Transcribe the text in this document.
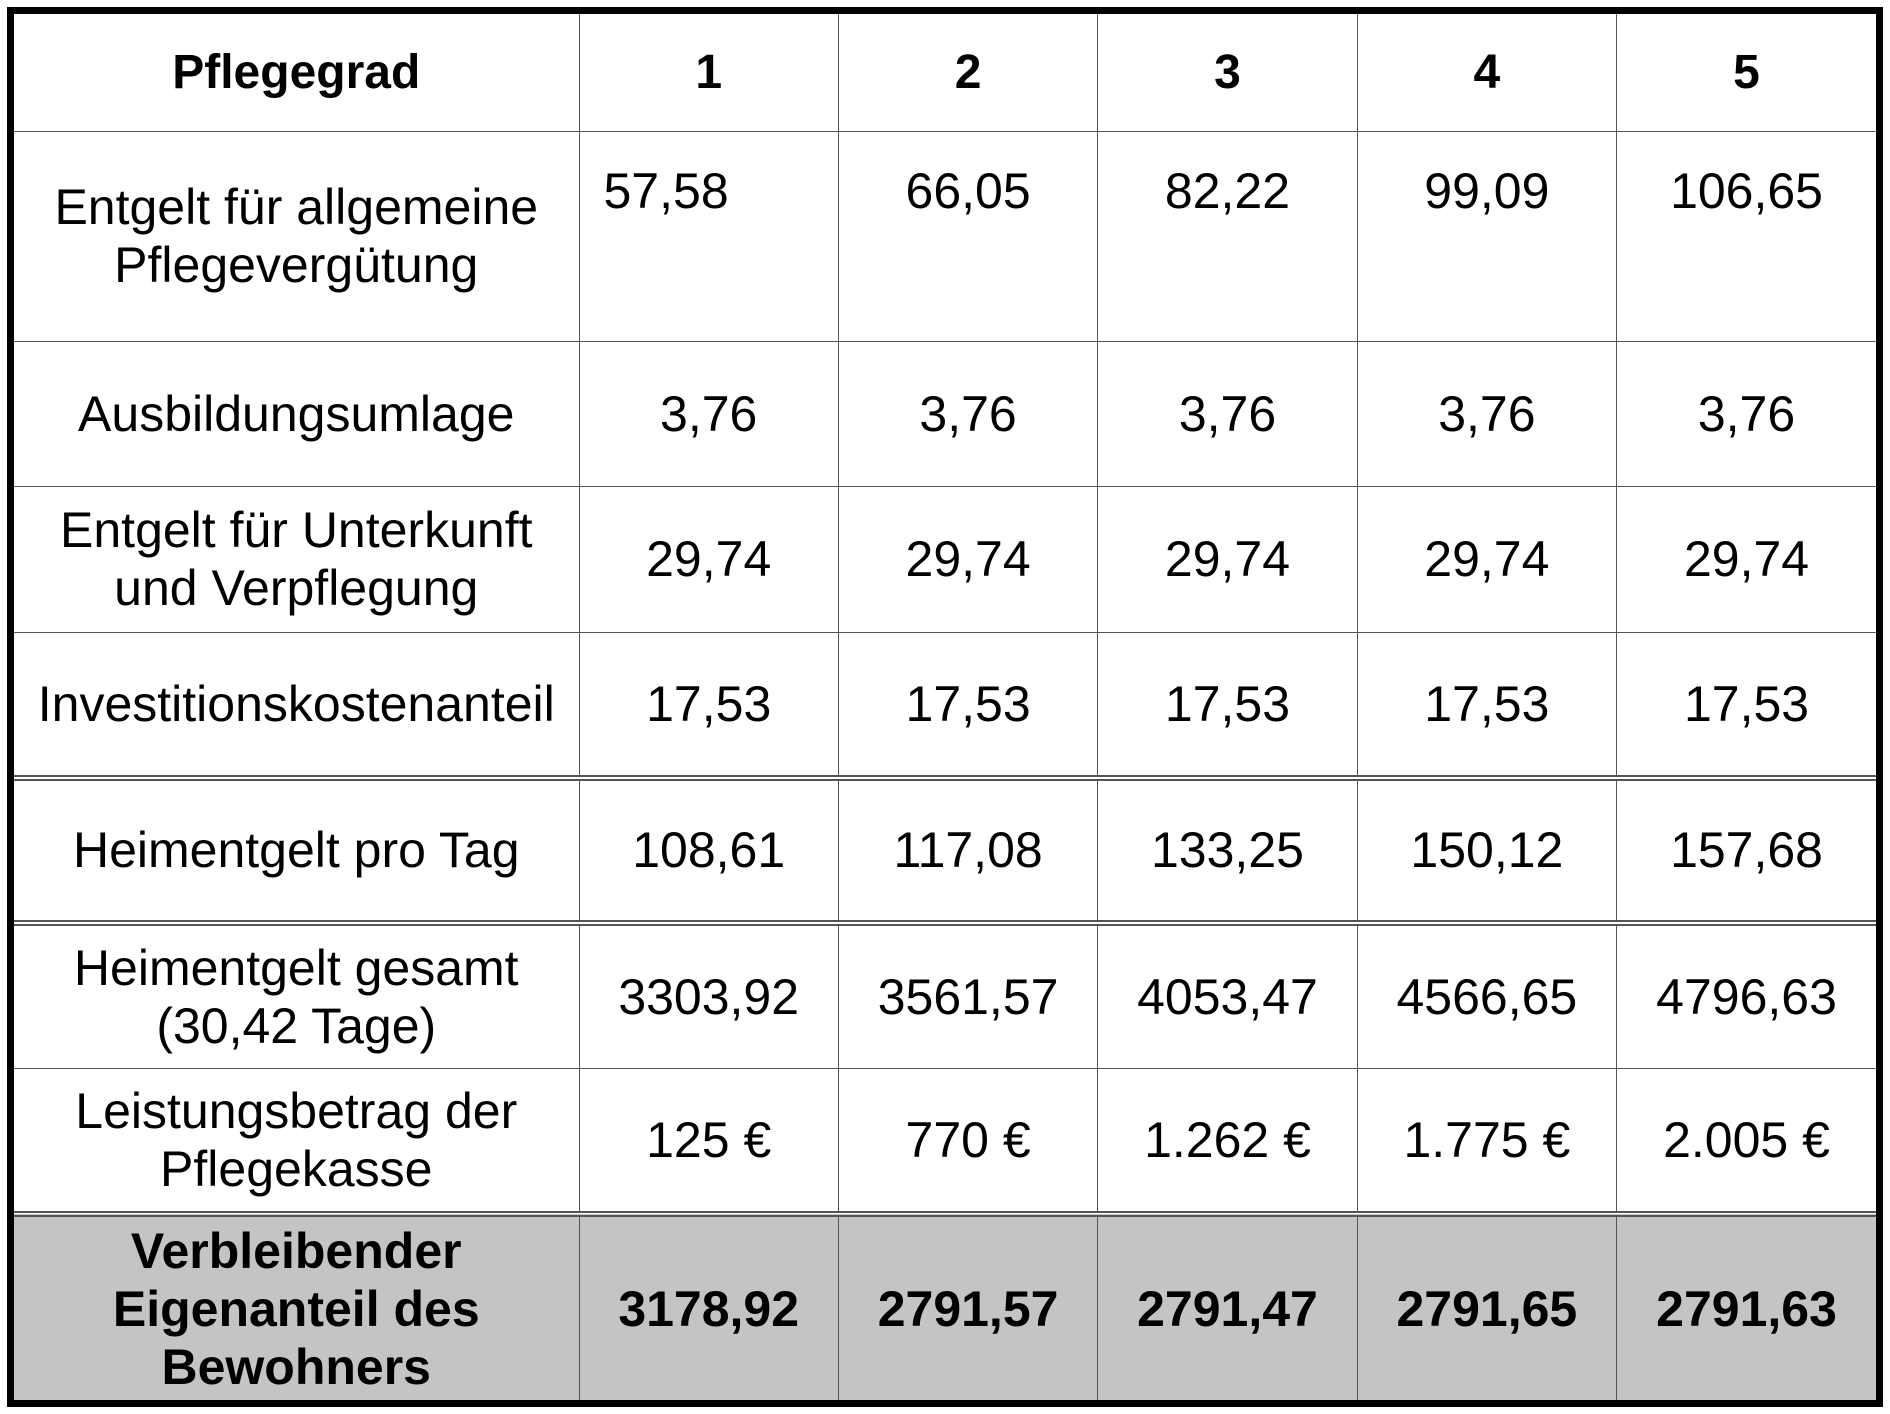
Pflegegrad	1	2	3	4	5
Entgelt für allgemeine Pflegevergütung	57,58	66,05	82,22	99,09	106,65
Ausbildungsumlage	3,76	3,76	3,76	3,76	3,76
Entgelt für Unterkunft und Verpflegung	29,74	29,74	29,74	29,74	29,74
Investitionskostenanteil	17,53	17,53	17,53	17,53	17,53
Heimentgelt pro Tag	108,61	117,08	133,25	150,12	157,68
Heimentgelt gesamt (30,42 Tage)	3303,92	3561,57	4053,47	4566,65	4796,63
Leistungsbetrag der Pflegekasse	125 €	770 €	1.262 €	1.775 €	2.005 €
Verbleibender Eigenanteil des Bewohners	3178,92	2791,57	2791,47	2791,65	2791,63
